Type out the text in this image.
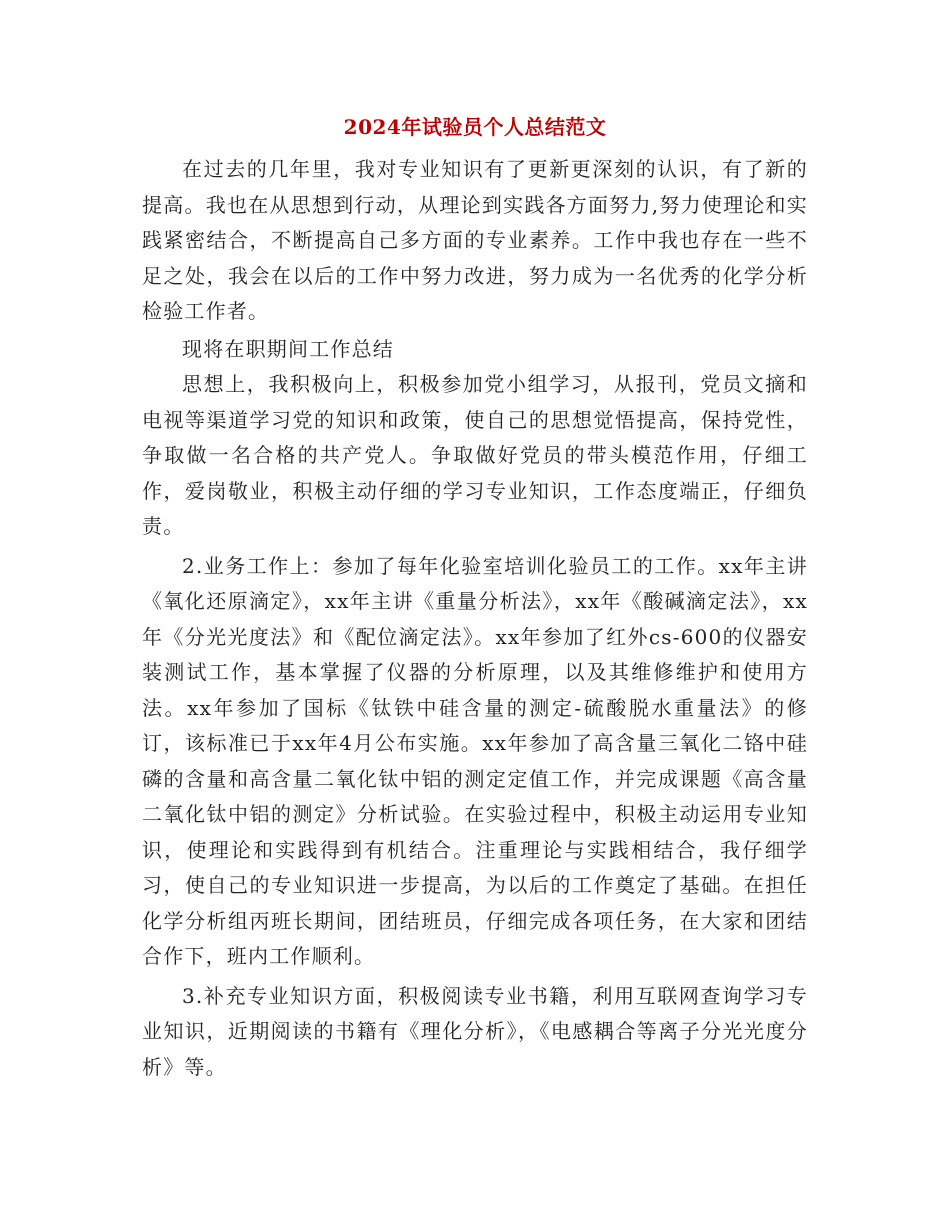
2024年试验员个人总结范文

在过去的几年里，我对专业知识有了更新更深刻的认识，有了新的提高。我也在从思想到行动，从理论到实践各方面努力,努力使理论和实践紧密结合，不断提高自己多方面的专业素养。工作中我也存在一些不足之处，我会在以后的工作中努力改进，努力成为一名优秀的化学分析检验工作者。

现将在职期间工作总结

思想上，我积极向上，积极参加党小组学习，从报刊，党员文摘和电视等渠道学习党的知识和政策，使自己的思想觉悟提高，保持党性，争取做一名合格的共产党人。争取做好党员的带头模范作用，仔细工作，爱岗敬业，积极主动仔细的学习专业知识，工作态度端正，仔细负责。

2.业务工作上：参加了每年化验室培训化验员工的工作。xx年主讲《氧化还原滴定》，xx年主讲《重量分析法》，xx年《酸碱滴定法》，xx年《分光光度法》和《配位滴定法》。xx年参加了红外cs-600的仪器安装测试工作，基本掌握了仪器的分析原理，以及其维修维护和使用方法。xx年参加了国标《钛铁中硅含量的测定-硫酸脱水重量法》的修订，该标准已于xx年4月公布实施。xx年参加了高含量三氧化二铬中硅磷的含量和高含量二氧化钛中铝的测定定值工作，并完成课题《高含量二氧化钛中铝的测定》分析试验。在实验过程中，积极主动运用专业知识，使理论和实践得到有机结合。注重理论与实践相结合，我仔细学习，使自己的专业知识进一步提高，为以后的工作奠定了基础。在担任化学分析组丙班长期间，团结班员，仔细完成各项任务，在大家和团结合作下，班内工作顺利。

3.补充专业知识方面，积极阅读专业书籍，利用互联网查询学习专业知识，近期阅读的书籍有《理化分析》，《电感耦合等离子分光光度分析》等。
